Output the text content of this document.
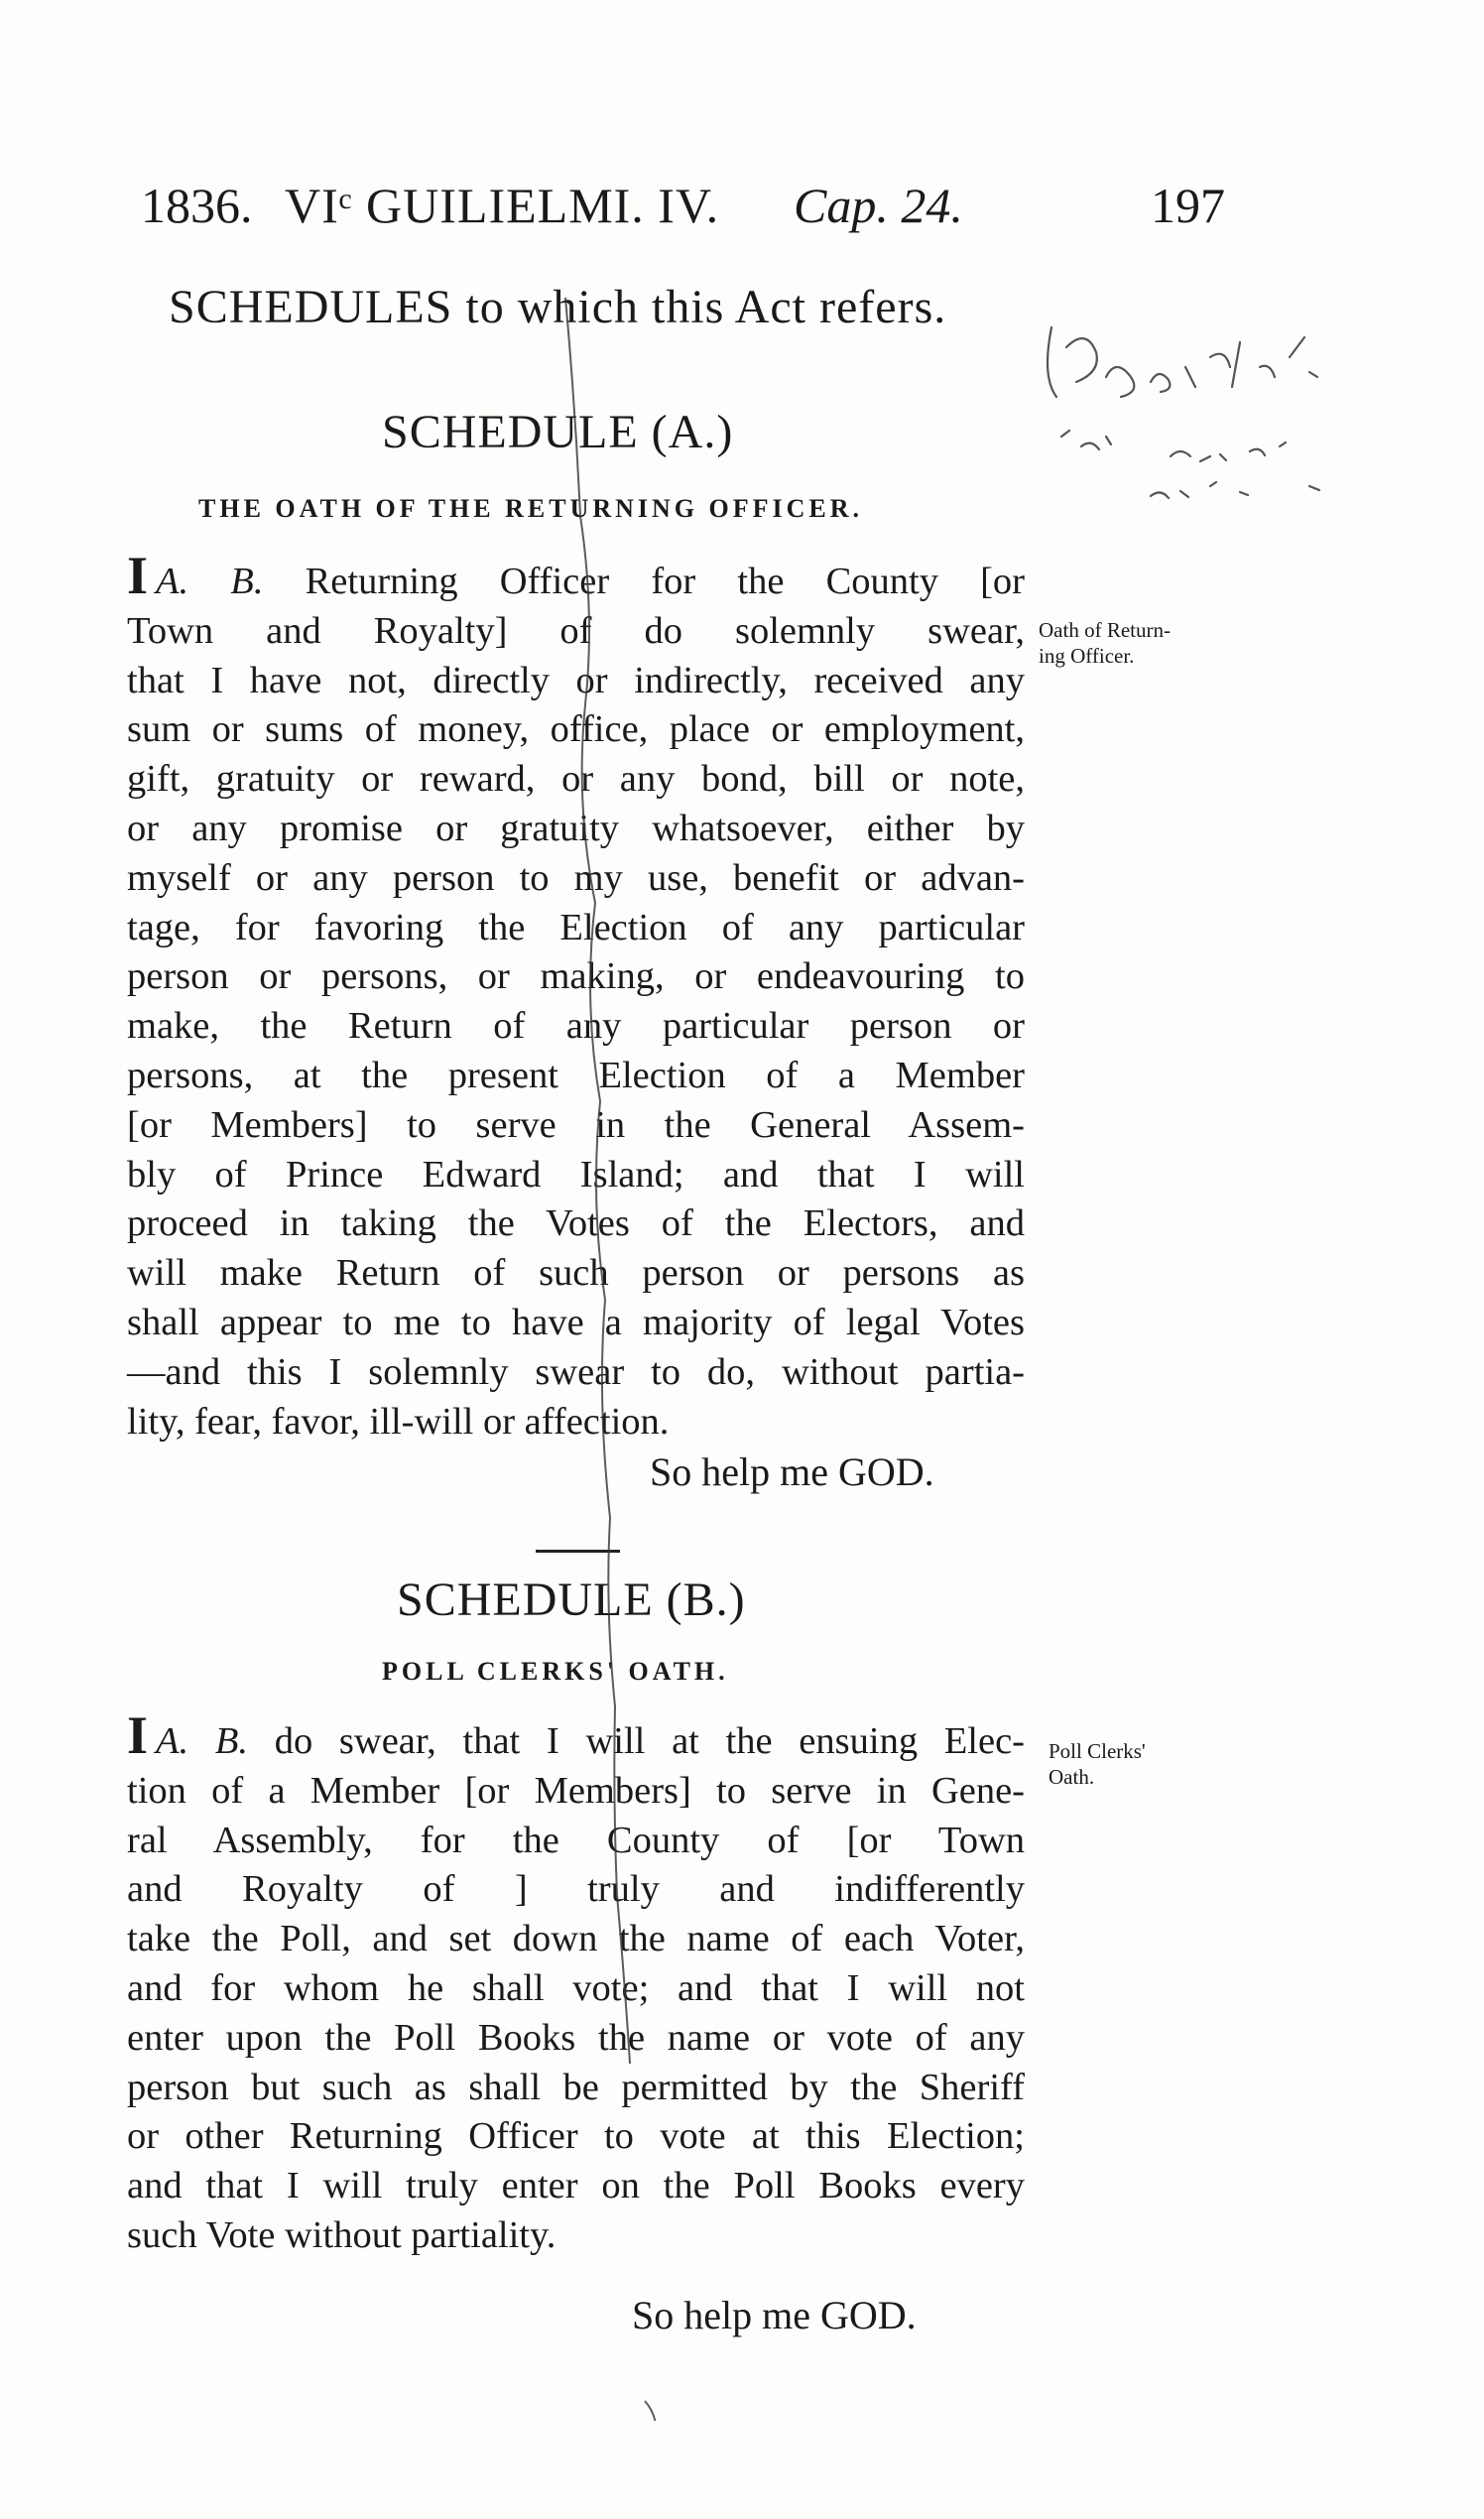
1836. VIᶜ GUILIELMI. IV. Cap. 24.	197
SCHEDULES to which this Act refers.
SCHEDULE (A.)
THE OATH OF THE RETURNING OFFICER.
I A. B. Returning Officer for the County [or
Town and Royalty] of do solemnly swear,
that I have not, directly or indirectly, received any
sum or sums of money, office, place or employment,
gift, gratuity or reward, or any bond, bill or note,
or any promise or gratuity whatsoever, either by
myself or any person to my use, benefit or advan-
tage, for favoring the Election of any particular
person or persons, or making, or endeavouring to
make, the Return of any particular person or
persons, at the present Election of a Member
[or Members] to serve in the General Assem-
bly of Prince Edward Island; and that I will
proceed in taking the Votes of the Electors, and
will make Return of such person or persons as
shall appear to me to have a majority of legal Votes
—and this I solemnly swear to do, without partia-
lity, fear, favor, ill-will or affection.
So help me GOD.
Oath of Return-
ing Officer.
SCHEDULE (B.)
POLL CLERKS' OATH.
I A. B. do swear, that I will at the ensuing Elec-
tion of a Member [or Members] to serve in Gene-
ral Assembly, for the County of [or Town
and Royalty of ] truly and indifferently
take the Poll, and set down the name of each Voter,
and for whom he shall vote; and that I will not
enter upon the Poll Books the name or vote of any
person but such as shall be permitted by the Sheriff
or other Returning Officer to vote at this Election;
and that I will truly enter on the Poll Books every
such Vote without partiality.
So help me GOD.
Poll Clerks'
Oath.
